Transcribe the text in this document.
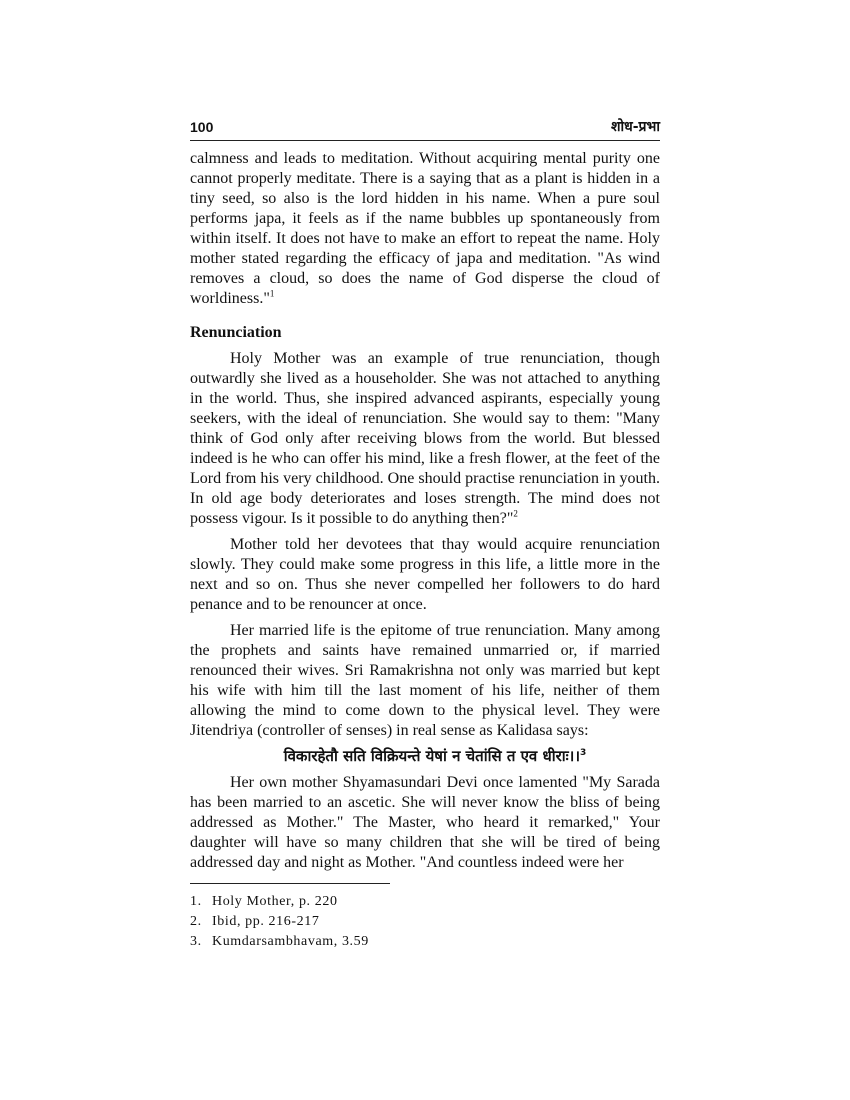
100	शोध-प्रभा

calmness and leads to meditation. Without acquiring mental purity one cannot properly meditate. There is a saying that as a plant is hidden in a tiny seed, so also is the lord hidden in his name. When a pure soul performs japa, it feels as if the name bubbles up spontaneously from within itself. It does not have to make an effort to repeat the name. Holy mother stated regarding the efficacy of japa and meditation. "As wind removes a cloud, so does the name of God disperse the cloud of worldiness."$^1$

Renunciation

Holy Mother was an example of true renunciation, though outwardly she lived as a householder. She was not attached to anything in the world. Thus, she inspired advanced aspirants, especially young seekers, with the ideal of renunciation. She would say to them: "Many think of God only after receiving blows from the world. But blessed indeed is he who can offer his mind, like a fresh flower, at the feet of the Lord from his very childhood. One should practise renunciation in youth. In old age body deteriorates and loses strength. The mind does not possess vigour. Is it possible to do anything then?"$^2$

Mother told her devotees that thay would acquire renunciation slowly. They could make some progress in this life, a little more in the next and so on. Thus she never compelled her followers to do hard penance and to be renouncer at once.

Her married life is the epitome of true renunciation. Many among the prophets and saints have remained unmarried or, if married renounced their wives. Sri Ramakrishna not only was married but kept his wife with him till the last moment of his life, neither of them allowing the mind to come down to the physical level. They were Jitendriya (controller of senses) in real sense as Kalidasa says:

विकारहेतौ सति विक्रियन्ते येषां न चेतांसि त एव धीराः।।$^3$

Her own mother Shyamasundari Devi once lamented "My Sarada has been married to an ascetic. She will never know the bliss of being addressed as Mother." The Master, who heard it remarked," Your daughter will have so many children that she will be tired of being addressed day and night as Mother. "And countless indeed were her

1. Holy Mother, p. 220
2. Ibid, pp. 216-217
3. Kumdarsambhavam, 3.59
